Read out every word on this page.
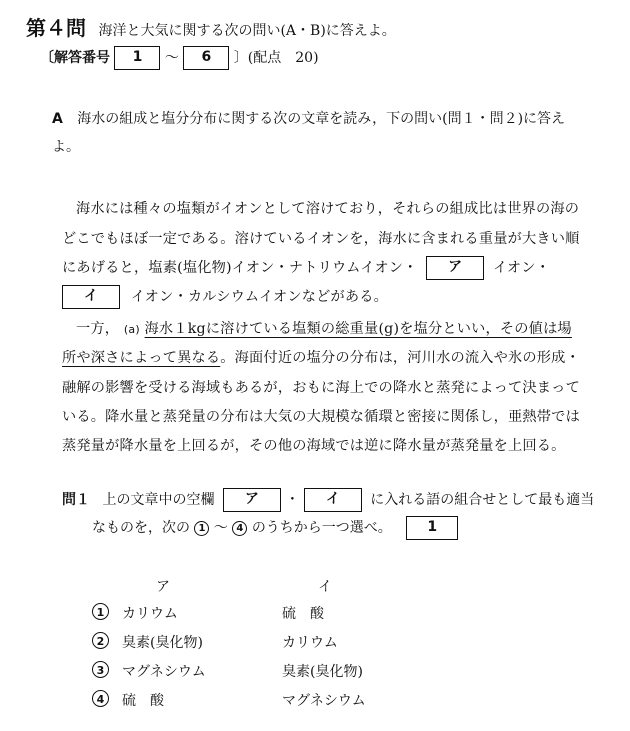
第４問 海洋と大気に関する次の問い(A・B)に答えよ。
〔解答番号 1 ～ 6 〕(配点　20)
A 海水の組成と塩分分布に関する次の文章を読み，下の問い(問１・問２)に答え
よ。
海水には種々の塩類がイオンとして溶けており，それらの組成比は世界の海の
どこでもほぼ一定である。溶けているイオンを，海水に含まれる重量が大きい順
にあげると，塩素(塩化物)イオン・ナトリウムイオン・ ア イオン・
イ イオン・カルシウムイオンなどがある。
一方， (a) 海水１kgに溶けている塩類の総重量(g)を塩分といい，その値は場
所や深さによって異なる。海面付近の塩分の分布は，河川水の流入や氷の形成・
融解の影響を受ける海域もあるが，おもに海上での降水と蒸発によって決まって
いる。降水量と蒸発量の分布は大気の大規模な循環と密接に関係し，亜熱帯では
蒸発量が降水量を上回るが，その他の海域では逆に降水量が蒸発量を上回る。
問１ 上の文章中の空欄 ア ・ イ に入れる語の組合せとして最も適当
なものを，次の 1 ～ 4 のうちから一つ選べ。	1
ア	イ
1	カリウム	硫　酸
2	臭素(臭化物)	カリウム
3	マグネシウム	臭素(臭化物)
4	硫　酸	マグネシウム
